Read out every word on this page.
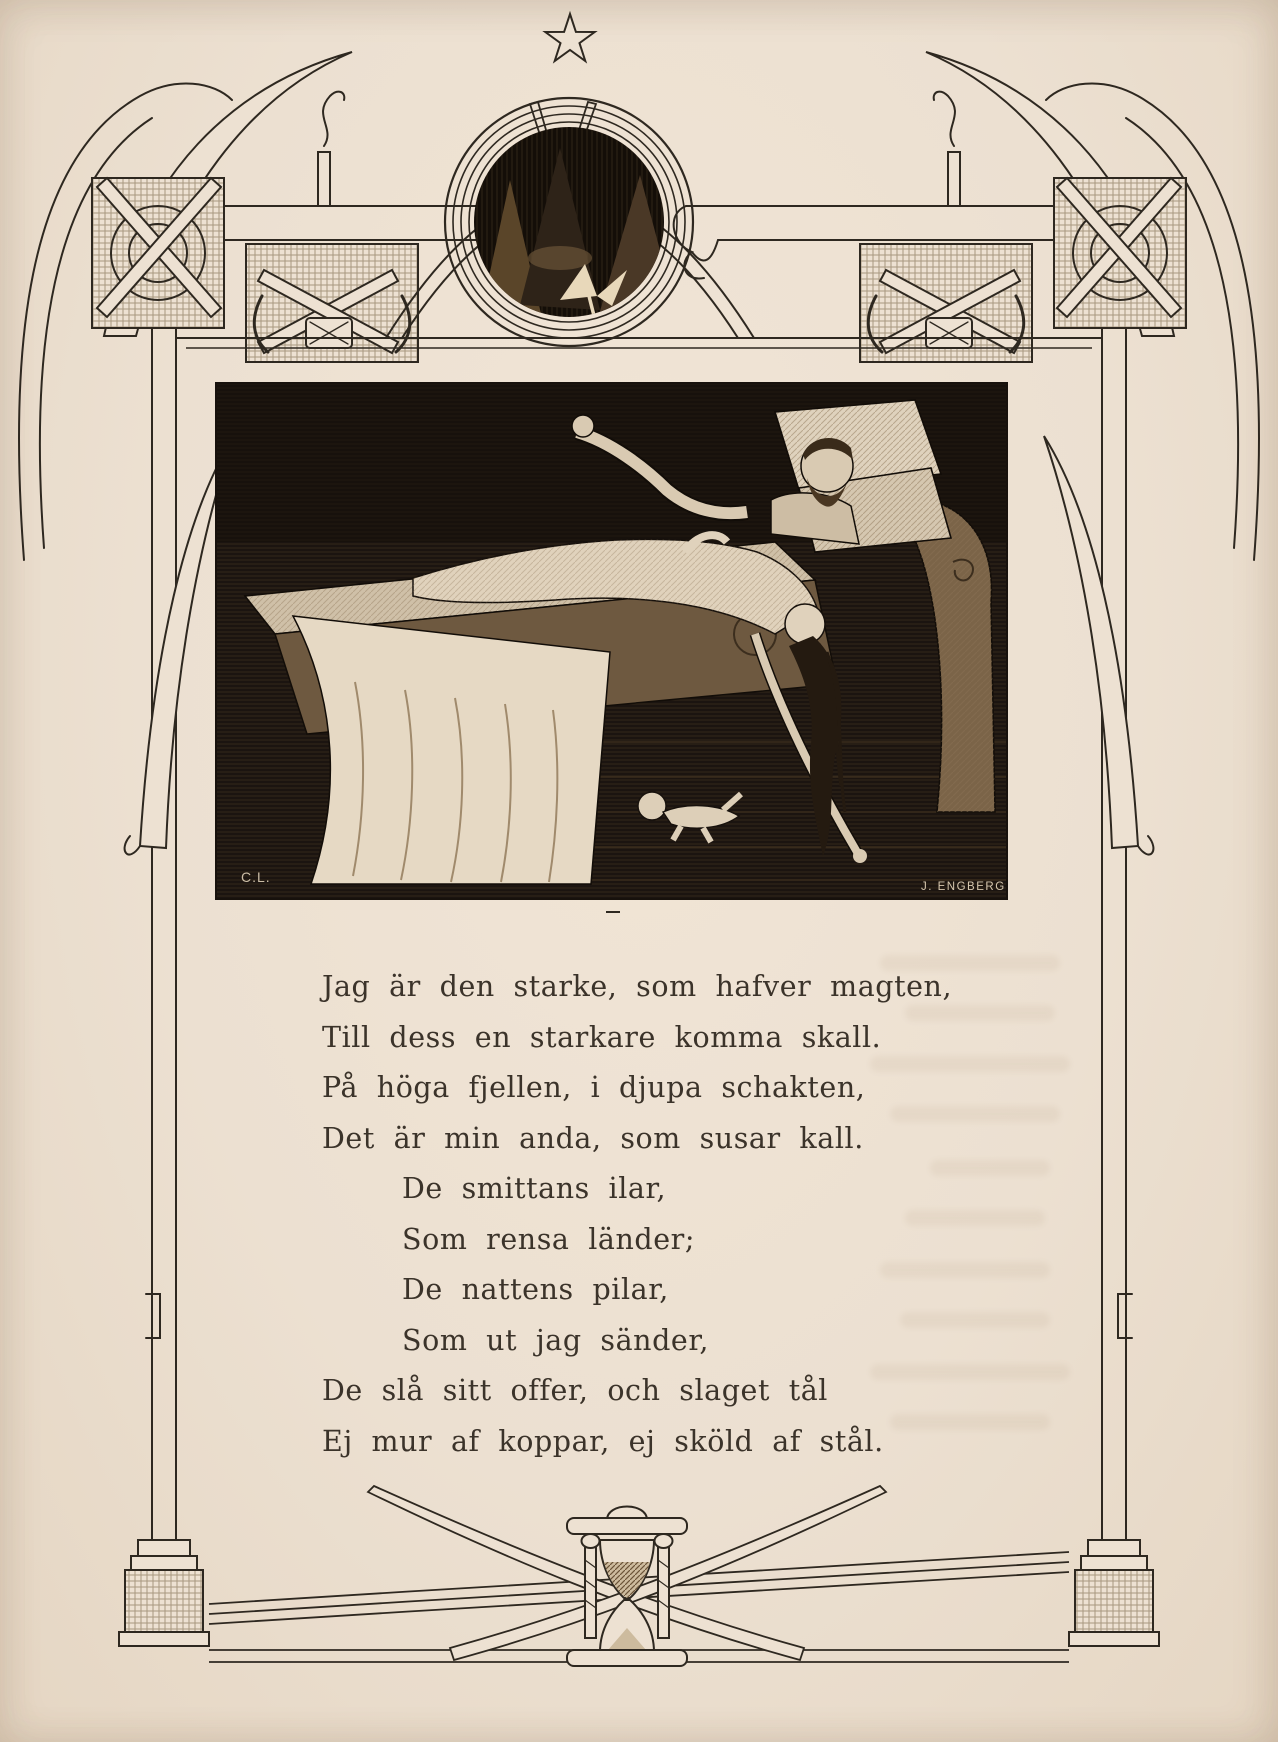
C.L.
J. ENGBERG
Jag är den starke, som hafver magten,
Till dess en starkare komma skall.
På höga fjellen, i djupa schakten,
Det är min anda, som susar kall.
De smittans ilar,
Som rensa länder;
De nattens pilar,
Som ut jag sänder,
De slå sitt offer, och slaget tål
Ej mur af koppar, ej sköld af stål.
